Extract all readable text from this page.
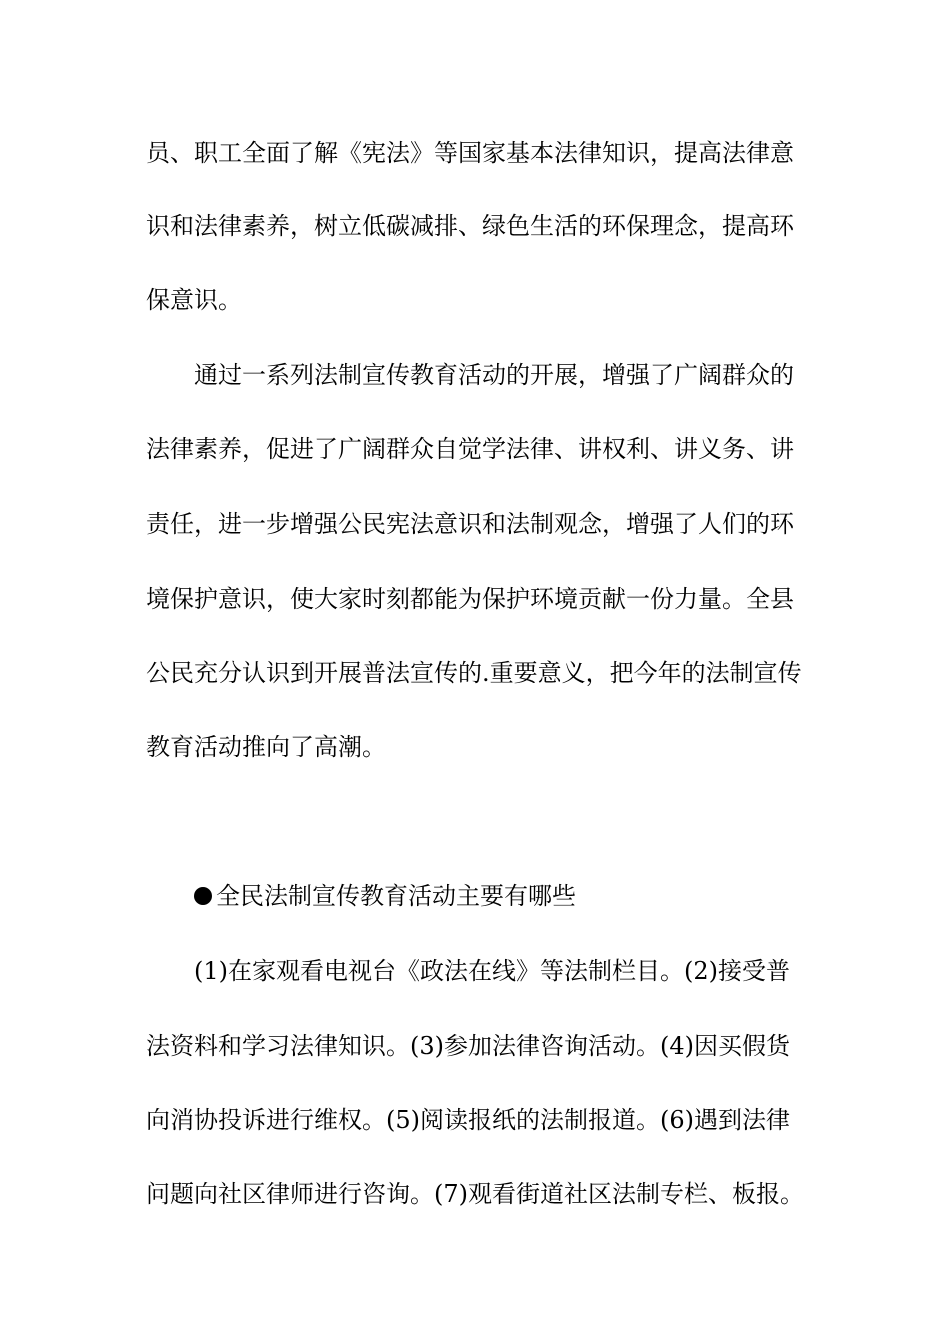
员、职工全面了解《宪法》等国家基本法律知识，提高法律意
识和法律素养，树立低碳减排、绿色生活的环保理念，提高环
保意识。
通过一系列法制宣传教育活动的开展，增强了广阔群众的
法律素养，促进了广阔群众自觉学法律、讲权利、讲义务、讲
责任，进一步增强公民宪法意识和法制观念，增强了人们的环
境保护意识，使大家时刻都能为保护环境贡献一份力量。全县
公民充分认识到开展普法宣传的.重要意义，把今年的法制宣传
教育活动推向了高潮。
全民法制宣传教育活动主要有哪些
(1)在家观看电视台《政法在线》等法制栏目。(2)接受普
法资料和学习法律知识。(3)参加法律咨询活动。(4)因买假货
向消协投诉进行维权。(5)阅读报纸的法制报道。(6)遇到法律
问题向社区律师进行咨询。(7)观看街道社区法制专栏、板报。
